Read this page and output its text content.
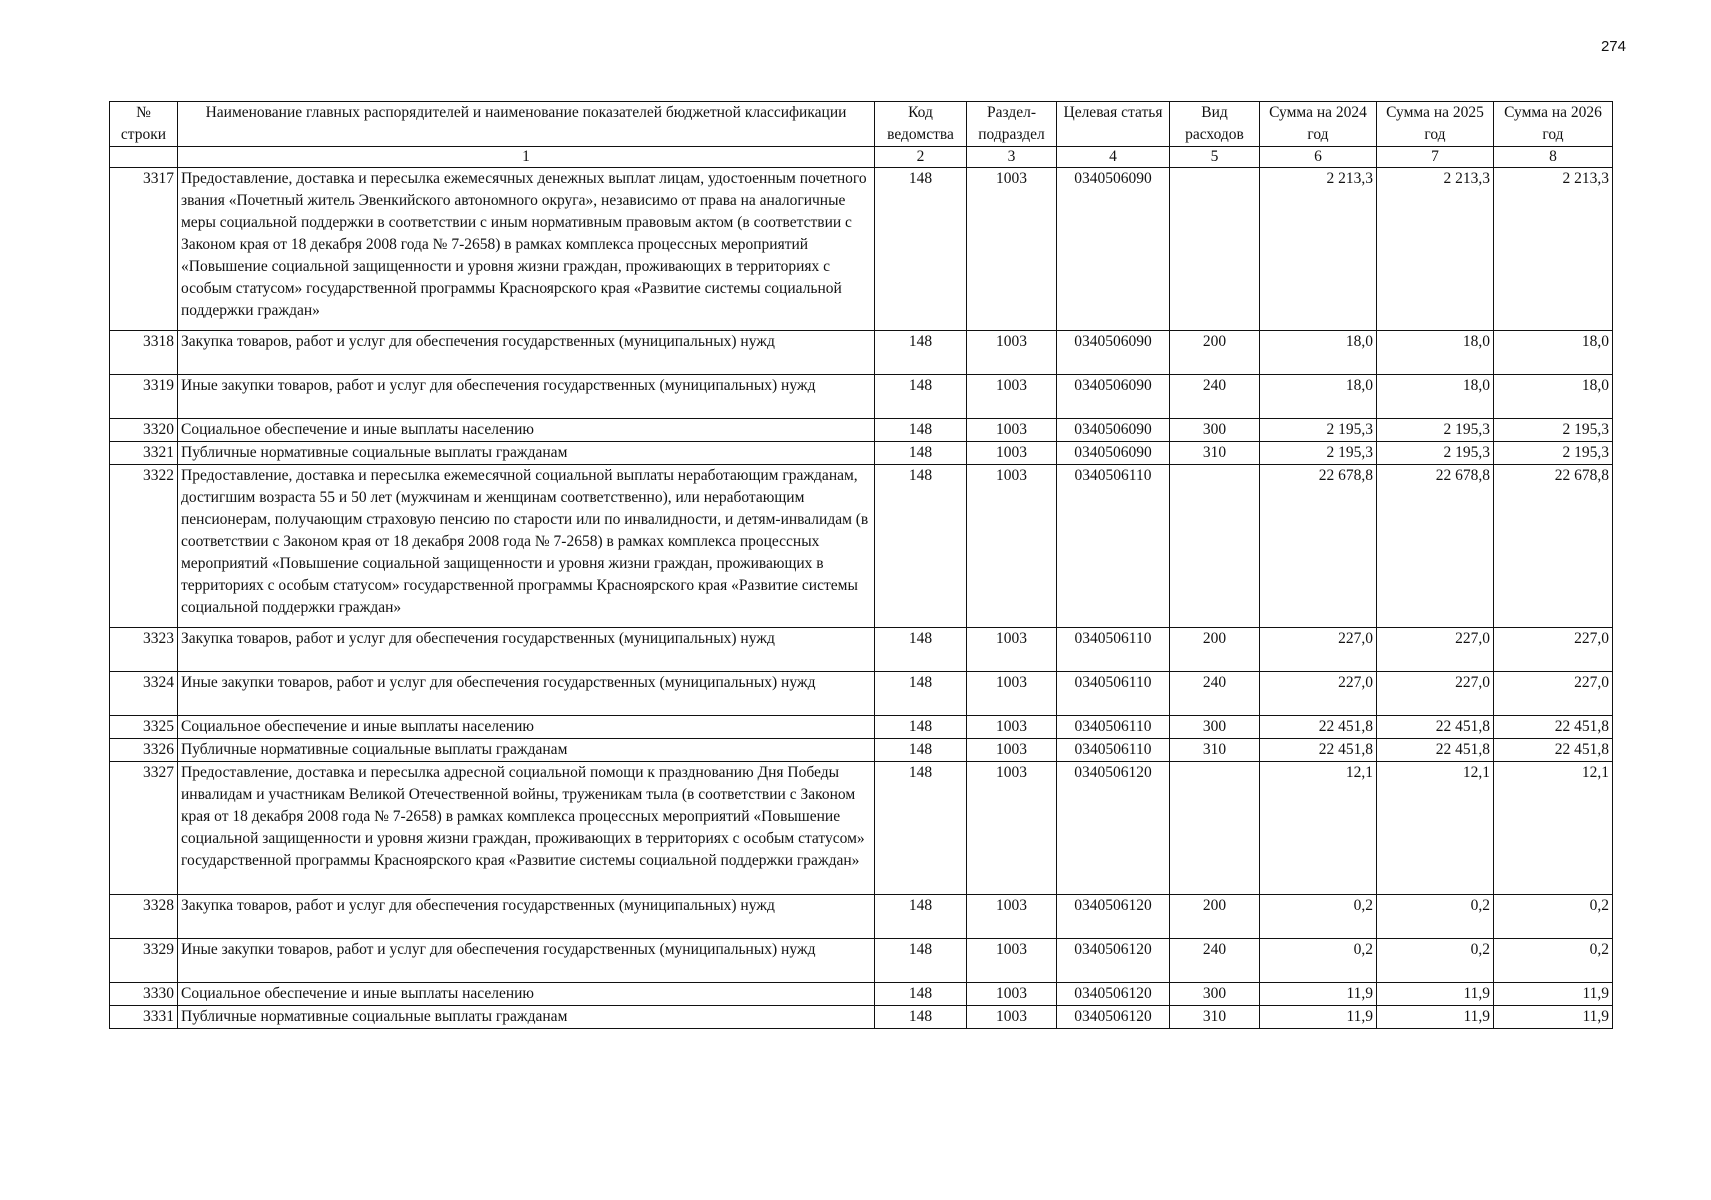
274
№ строки	Наименование главных распорядителей и наименование показателей бюджетной классификации	Код ведомства	Раздел-подраздел	Целевая статья	Вид расходов	Сумма на 2024 год	Сумма на 2025 год	Сумма на 2026 год
	1	2	3	4	5	6	7	8
3317	Предоставление, доставка и пересылка ежемесячных денежных выплат лицам, удостоенным почетного звания «Почетный житель Эвенкийского автономного округа», независимо от права на аналогичные меры социальной поддержки в соответствии с иным нормативным правовым актом (в соответствии с Законом края от 18 декабря 2008 года № 7-2658) в рамках комплекса процессных мероприятий «Повышение социальной защищенности и уровня жизни граждан, проживающих в территориях с особым статусом» государственной программы Красноярского края «Развитие системы социальной поддержки граждан»	148	1003	0340506090		2 213,3	2 213,3	2 213,3
3318	Закупка товаров, работ и услуг для обеспечения государственных (муниципальных) нужд	148	1003	0340506090	200	18,0	18,0	18,0
3319	Иные закупки товаров, работ и услуг для обеспечения государственных (муниципальных) нужд	148	1003	0340506090	240	18,0	18,0	18,0
3320	Социальное обеспечение и иные выплаты населению	148	1003	0340506090	300	2 195,3	2 195,3	2 195,3
3321	Публичные нормативные социальные выплаты гражданам	148	1003	0340506090	310	2 195,3	2 195,3	2 195,3
3322	Предоставление, доставка и пересылка ежемесячной социальной выплаты неработающим гражданам, достигшим возраста 55 и 50 лет (мужчинам и женщинам соответственно), или неработающим пенсионерам, получающим страховую пенсию по старости или по инвалидности, и детям-инвалидам (в соответствии с Законом края от 18 декабря 2008 года № 7-2658) в рамках комплекса процессных мероприятий «Повышение социальной защищенности и уровня жизни граждан, проживающих в территориях с особым статусом» государственной программы Красноярского края «Развитие системы социальной поддержки граждан»	148	1003	0340506110		22 678,8	22 678,8	22 678,8
3323	Закупка товаров, работ и услуг для обеспечения государственных (муниципальных) нужд	148	1003	0340506110	200	227,0	227,0	227,0
3324	Иные закупки товаров, работ и услуг для обеспечения государственных (муниципальных) нужд	148	1003	0340506110	240	227,0	227,0	227,0
3325	Социальное обеспечение и иные выплаты населению	148	1003	0340506110	300	22 451,8	22 451,8	22 451,8
3326	Публичные нормативные социальные выплаты гражданам	148	1003	0340506110	310	22 451,8	22 451,8	22 451,8
3327	Предоставление, доставка и пересылка адресной социальной помощи к празднованию Дня Победы инвалидам и участникам Великой Отечественной войны, труженикам тыла (в соответствии с Законом края от 18 декабря 2008 года № 7-2658) в рамках комплекса процессных мероприятий «Повышение социальной защищенности и уровня жизни граждан, проживающих в территориях с особым статусом» государственной программы Красноярского края «Развитие системы социальной поддержки граждан»	148	1003	0340506120		12,1	12,1	12,1
3328	Закупка товаров, работ и услуг для обеспечения государственных (муниципальных) нужд	148	1003	0340506120	200	0,2	0,2	0,2
3329	Иные закупки товаров, работ и услуг для обеспечения государственных (муниципальных) нужд	148	1003	0340506120	240	0,2	0,2	0,2
3330	Социальное обеспечение и иные выплаты населению	148	1003	0340506120	300	11,9	11,9	11,9
3331	Публичные нормативные социальные выплаты гражданам	148	1003	0340506120	310	11,9	11,9	11,9
